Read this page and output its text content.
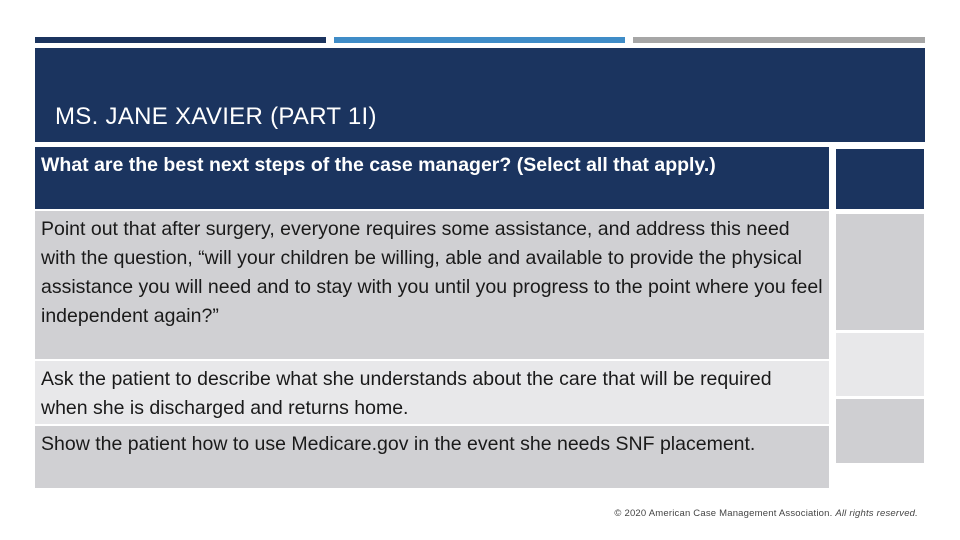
MS. JANE XAVIER (PART 1I)
What are the best next steps of the case manager? (Select all that apply.)
Point out that after surgery, everyone requires some assistance, and address this need with the question, “will your children be willing, able and available to provide the physical assistance you will need and to stay with you until you progress to the point where you feel independent again?”
Ask the patient to describe what she understands about the care that will be required when she is discharged and returns home.
Show the patient how to use Medicare.gov in the event she needs SNF placement.

© 2020 American Case Management Association. All rights reserved.
